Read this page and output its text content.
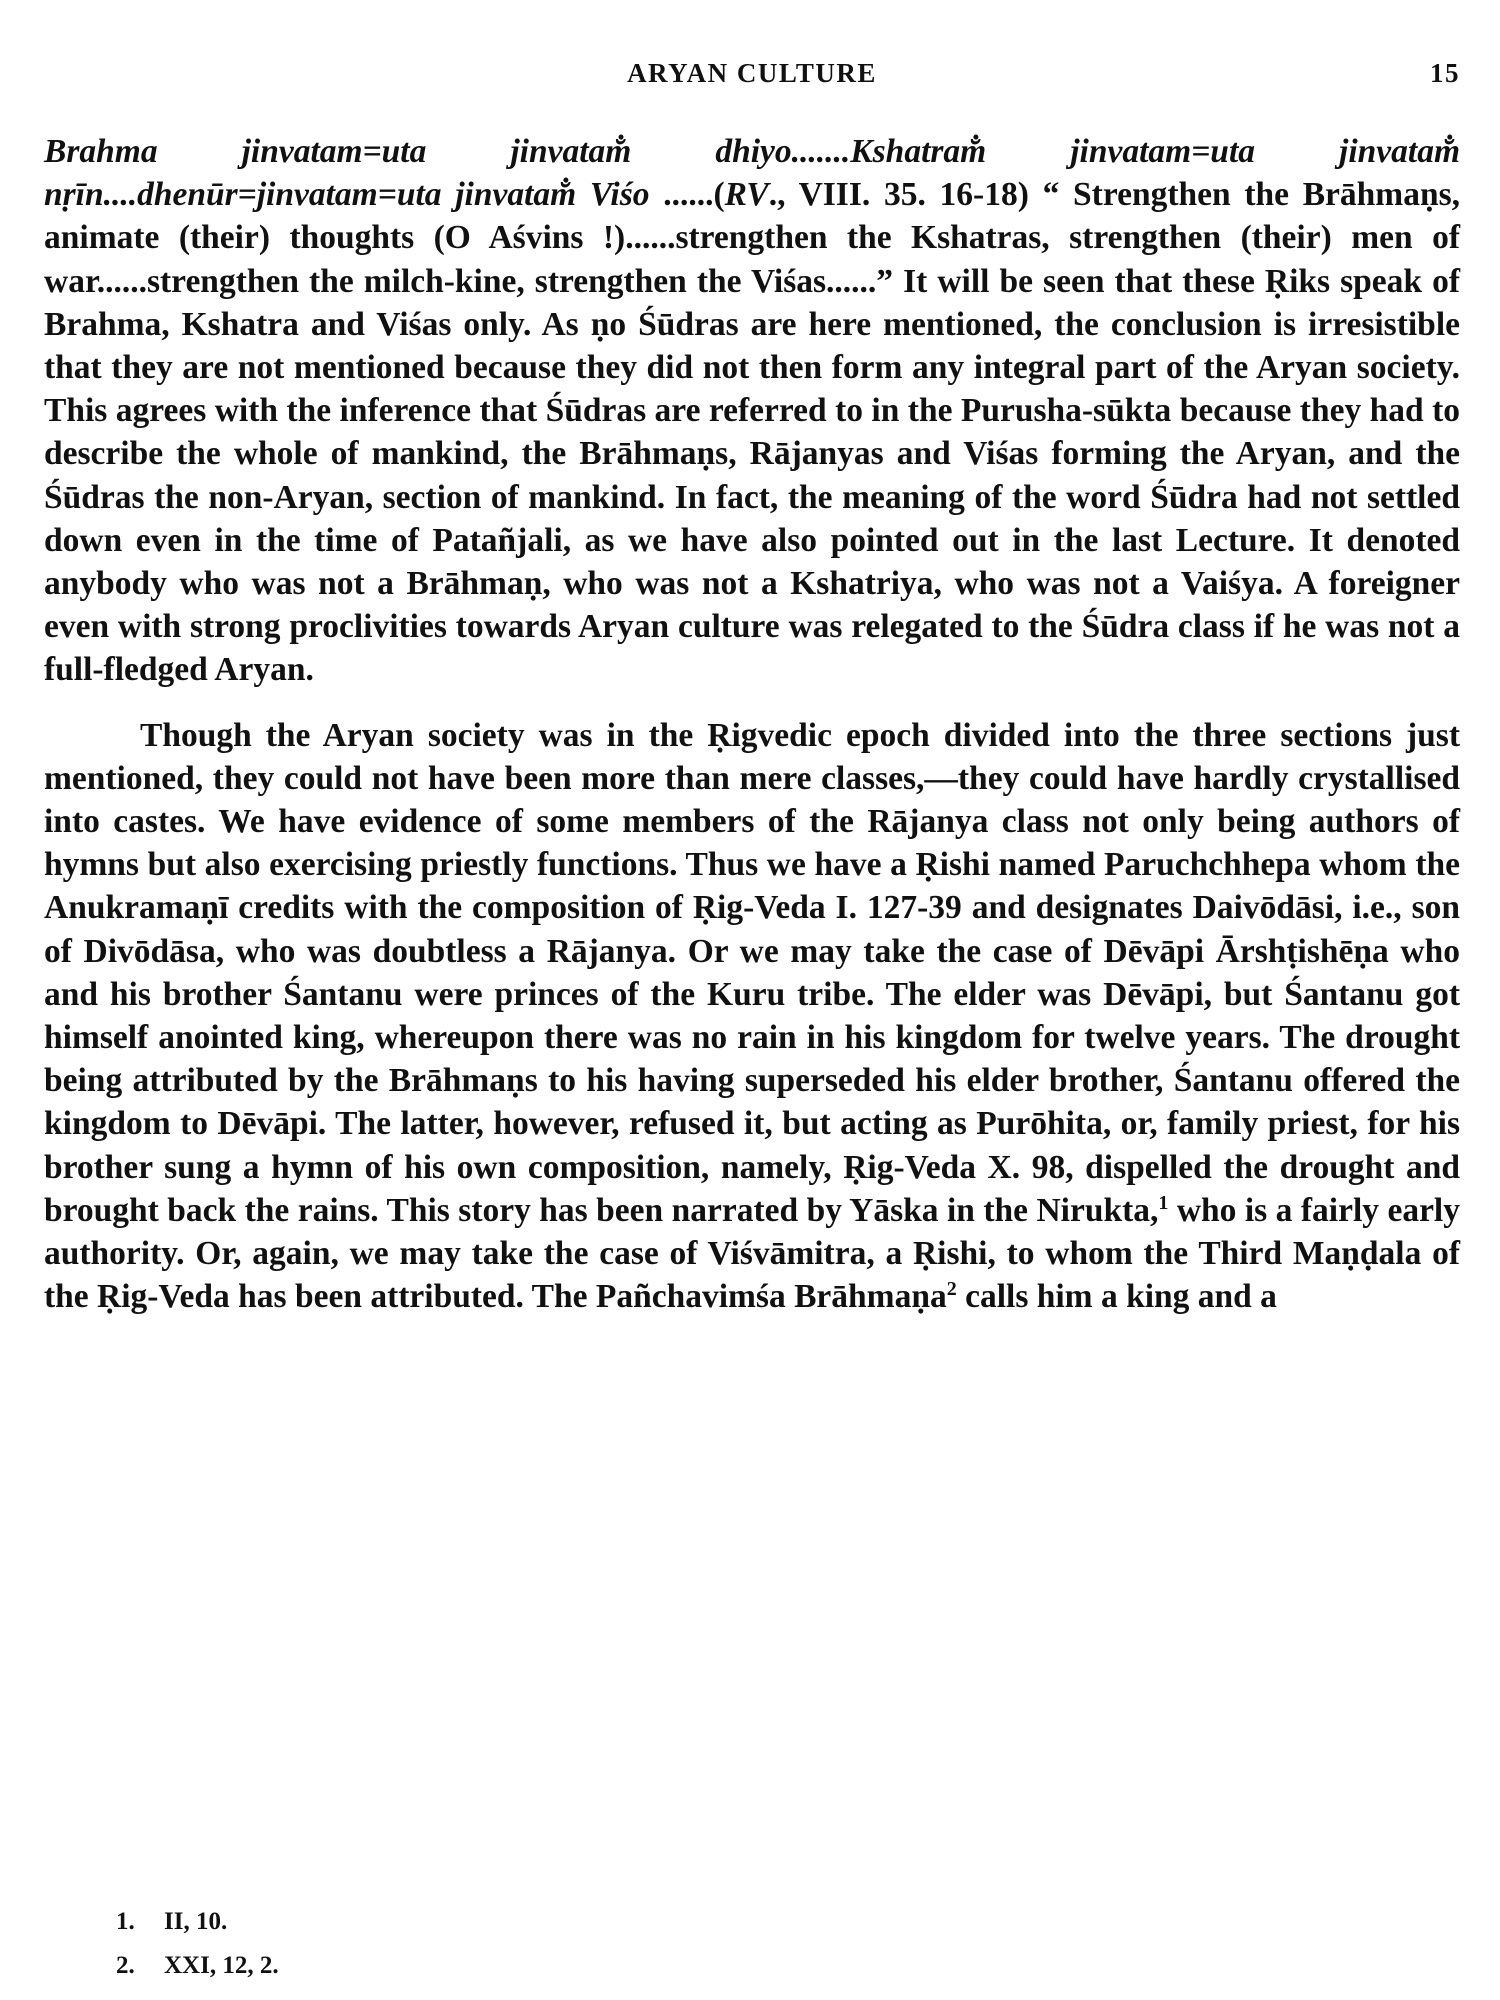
ARYAN CULTURE	15

Brahma jinvatam=uta jinvatam̐ dhiyo.......Kshatram̐ jinvatam=uta jinvatam̐ nṛīn....dhenūr=jinvatam=uta jinvatam̐ Viśo ......(RV., VIII. 35. 16-18) “ Strengthen the Brāhmaṇs, animate (their) thoughts (O Aśvins !)......strengthen the Kshatras, strengthen (their) men of war......strengthen the milch-kine, strengthen the Viśas......” It will be seen that these Ṛiks speak of Brahma, Kshatra and Viśas only. As ṇo Śūdras are here mentioned, the conclusion is irresistible that they are not mentioned because they did not then form any integral part of the Aryan society. This agrees with the inference that Śūdras are referred to in the Purusha-sūkta because they had to describe the whole of mankind, the Brāhmaṇs, Rājanyas and Viśas forming the Aryan, and the Śūdras the non-Aryan, section of mankind. In fact, the meaning of the word Śūdra had not settled down even in the time of Patañjali, as we have also pointed out in the last Lecture. It denoted anybody who was not a Brāhmaṇ, who was not a Kshatriya, who was not a Vaiśya. A foreigner even with strong proclivities towards Aryan culture was relegated to the Śūdra class if he was not a full-fledged Aryan.

Though the Aryan society was in the Ṛigvedic epoch divided into the three sections just mentioned, they could not have been more than mere classes,—they could have hardly crystallised into castes. We have evidence of some members of the Rājanya class not only being authors of hymns but also exercising priestly functions. Thus we have a Ṛishi named Paruchchhepa whom the Anukramaṇī credits with the composition of Ṛig-Veda I. 127-39 and designates Daivōdāsi, i.e., son of Divōdāsa, who was doubtless a Rājanya. Or we may take the case of Dēvāpi Ārshṭishēṇa who and his brother Śantanu were princes of the Kuru tribe. The elder was Dēvāpi, but Śantanu got himself anointed king, whereupon there was no rain in his kingdom for twelve years. The drought being attributed by the Brāhmaṇs to his having superseded his elder brother, Śantanu offered the kingdom to Dēvāpi. The latter, however, refused it, but acting as Purōhita, or, family priest, for his brother sung a hymn of his own composition, namely, Ṛig-Veda X. 98, dispelled the drought and brought back the rains. This story has been narrated by Yāska in the Nirukta,$^1$ who is a fairly early authority. Or, again, we may take the case of Viśvāmitra, a Ṛishi, to whom the Third Maṇḍala of the Ṛig-Veda has been attributed. The Pañchavimśa Brāhmaṇa$^2$ calls him a king and a

1.	II, 10.
2.	XXI, 12, 2.
